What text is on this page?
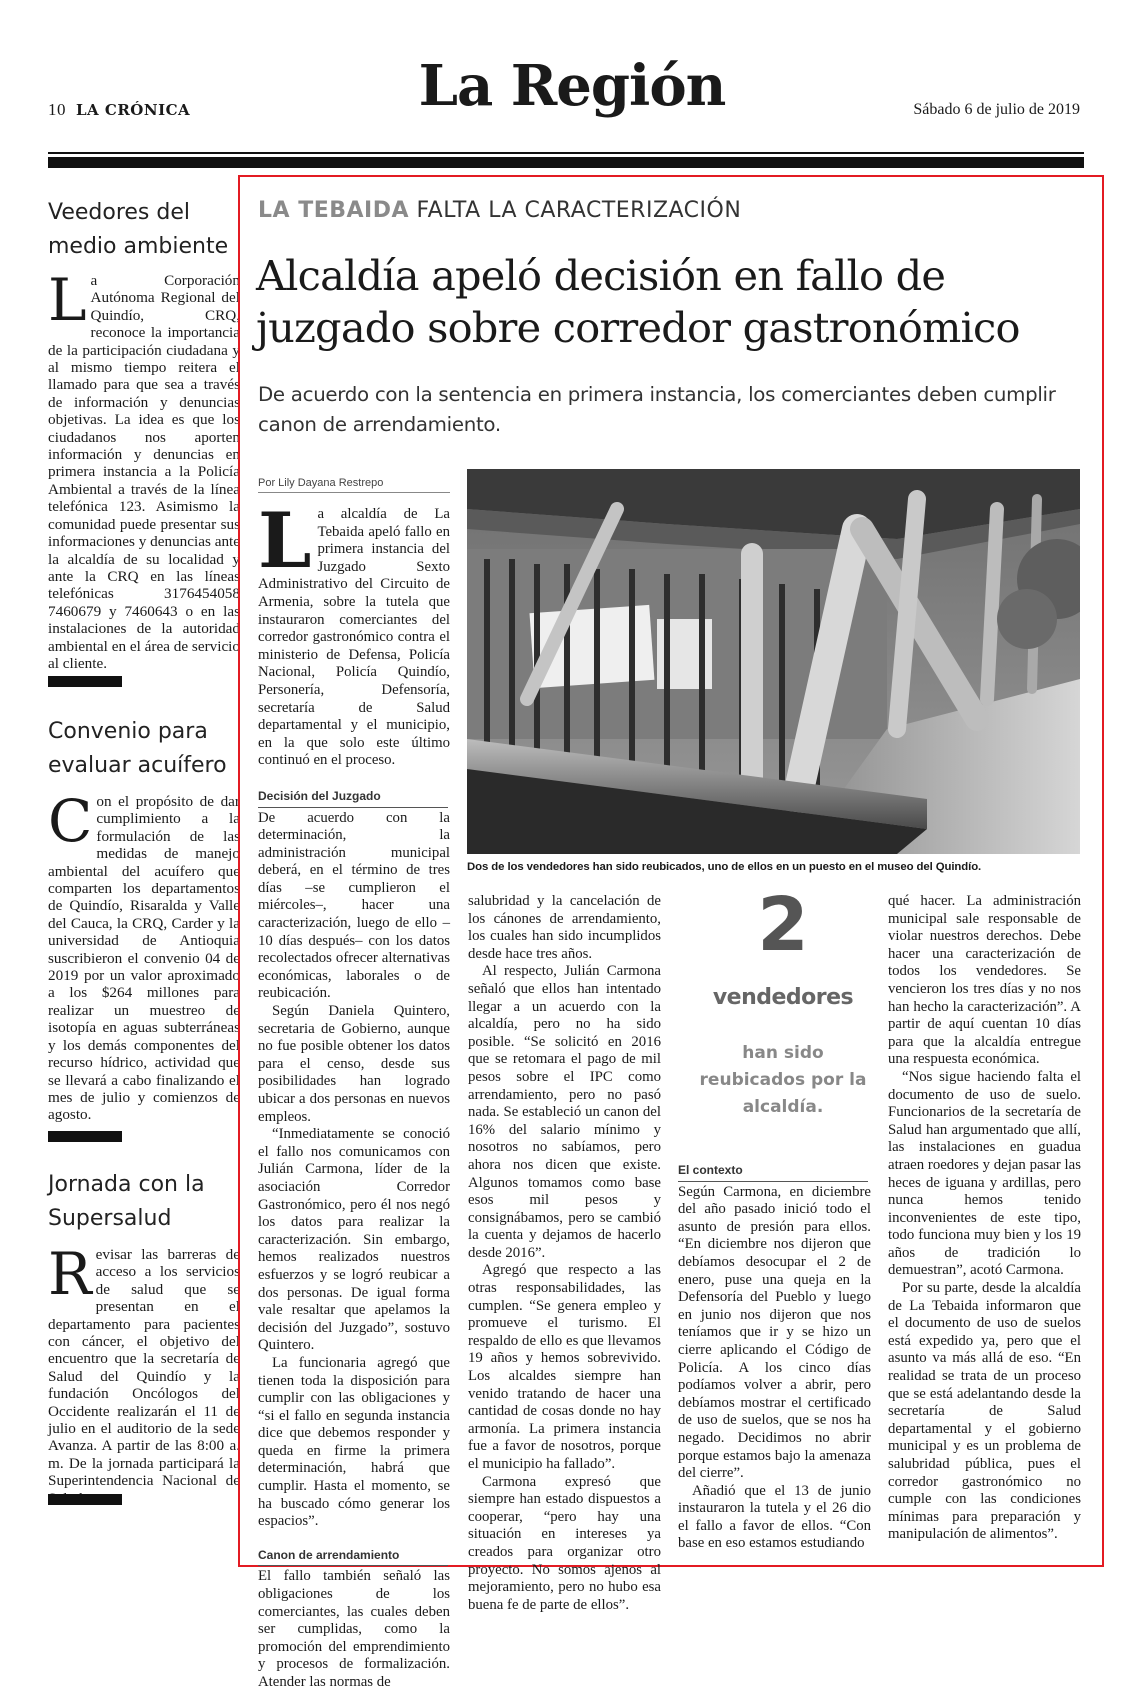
10 LA CRÓNICA	La Región	Sábado 6 de julio de 2019
Veedores del medio ambiente
La Corporación Autónoma Regional del Quindío, CRQ, reconoce la importancia de la participación ciudadana y al mismo tiempo reitera el llamado para que sea a través de información y denuncias objetivas. La idea es que los ciudadanos nos aporten información y denuncias en primera instancia a la Policía Ambiental a través de la línea telefónica 123. Asimismo la comunidad puede presentar sus informaciones y denuncias ante la alcaldía de su localidad y ante la CRQ en las líneas telefónicas 3176454058 7460679 y 7460643 o en las instalaciones de la autoridad ambiental en el área de servicio al cliente.
Convenio para evaluar acuífero
Con el propósito de dar cumplimiento a la formulación de las medidas de manejo ambiental del acuífero que comparten los departamentos de Quindío, Risaralda y Valle del Cauca, la CRQ, Carder y la universidad de Antioquia suscribieron el convenio 04 de 2019 por un valor aproximado a los $264 millones para realizar un muestreo de isotopía en aguas subterráneas y los demás componentes del recurso hídrico, actividad que se llevará a cabo finalizando el mes de julio y comienzos de agosto.
Jornada con la Supersalud
Revisar las barreras de acceso a los servicios de salud que se presentan en el departamento para pacientes con cáncer, el objetivo del encuentro que la secretaría de Salud del Quindío y la fundación Oncólogos del Occidente realizarán el 11 de julio en el auditorio de la sede Avanza. A partir de las 8:00 a. m. De la jornada participará la Superintendencia Nacional de
LA TEBAIDA FALTA LA CARACTERIZACIÓN
Alcaldía apeló decisión en fallo de juzgado sobre corredor gastronómico
De acuerdo con la sentencia en primera instancia, los comerciantes deben cumplir canon de arrendamiento.
Por Lily Dayana Restrepo

La alcaldía de La Tebaida apeló fallo en primera instancia del Juzgado Sexto Administrativo del Circuito de Armenia, sobre la tutela que instauraron comerciantes del corredor gastronómico contra el ministerio de Defensa, Policía Nacional, Policía Quindío, Personería, Defensoría, secretaría de Salud departamental y el municipio, en la que solo este último continuó en el proceso.

Decisión del Juzgado

De acuerdo con la determinación, la administración municipal deberá, en el término de tres días –se cumplieron el miércoles–, hacer una caracterización, luego de ello –10 días después– con los datos recolectados ofrecer alternativas económicas, laborales o de reubicación.

Según Daniela Quintero, secretaria de Gobierno, aunque no fue posible obtener los datos para el censo, desde sus posibilidades han logrado ubicar a dos personas en nuevos empleos.

“Inmediatamente se conoció el fallo nos comunicamos con Julián Carmona, líder de la asociación Corredor Gastronómico, pero él nos negó los datos para realizar la caracterización. Sin embargo, hemos realizados nuestros esfuerzos y se logró reubicar a dos personas. De igual forma vale resaltar que apelamos la decisión del Juzgado”, sostuvo Quintero.

La funcionaria agregó que tienen toda la disposición para cumplir con las obligaciones y “si el fallo en segunda instancia dice que debemos responder y queda en firme la primera determinación, habrá que cumplir. Hasta el momento, se ha buscado cómo generar los espacios”.

Canon de arrendamiento

El fallo también señaló las obligaciones de los comerciantes, las cuales deben ser cumplidas, como la promoción del emprendimiento y procesos de formalización. Atender las normas de

Dos de los vendedores han sido reubicados, uno de ellos en un puesto en el museo del Quindío.

salubridad y la cancelación de los cánones de arrendamiento, los cuales han sido incumplidos desde hace tres años.

Al respecto, Julián Carmona señaló que ellos han intentado llegar a un acuerdo con la alcaldía, pero no ha sido posible. “Se solicitó en 2016 que se retomara el pago de mil pesos sobre el IPC como arrendamiento, pero no pasó nada. Se estableció un canon del 16% del salario mínimo y nosotros no sabíamos, pero ahora nos dicen que existe. Algunos tomamos como base esos mil pesos y consignábamos, pero se cambió la cuenta y dejamos de hacerlo desde 2016”.

Agregó que respecto a las otras responsabilidades, las cumplen. “Se genera empleo y promueve el turismo. El respaldo de ello es que llevamos 19 años y hemos sobrevivido. Los alcaldes siempre han venido tratando de hacer una cantidad de cosas donde no hay armonía. La primera instancia fue a favor de nosotros, porque el municipio ha fallado”.

Carmona expresó que siempre han estado dispuestos a cooperar, “pero hay una situación en intereses ya creados para organizar otro proyecto. No somos ajenos al mejoramiento, pero no hubo esa buena fe de parte de ellos”.

2
vendedores
han sido reubicados por la alcaldía.
El contexto

Según Carmona, en diciembre del año pasado inició todo el asunto de presión para ellos. “En diciembre nos dijeron que debíamos desocupar el 2 de enero, puse una queja en la Defensoría del Pueblo y luego en junio nos dijeron que nos teníamos que ir y se hizo un cierre aplicando el Código de Policía. A los cinco días podíamos volver a abrir, pero debíamos mostrar el certificado de uso de suelos, que se nos ha negado. Decidimos no abrir porque estamos bajo la amenaza del cierre”.

Añadió que el 13 de junio instauraron la tutela y el 26 dio el fallo a favor de ellos. “Con base en eso estamos estudiando

qué hacer. La administración municipal sale responsable de violar nuestros derechos. Debe hacer una caracterización de todos los vendedores. Se vencieron los tres días y no nos han hecho la caracterización”. A partir de aquí cuentan 10 días para que la alcaldía entregue una respuesta económica.

“Nos sigue haciendo falta el documento de uso de suelo. Funcionarios de la secretaría de Salud han argumentado que allí, las instalaciones en guadua atraen roedores y dejan pasar las heces de iguana y ardillas, pero nunca hemos tenido inconvenientes de este tipo, todo funciona muy bien y los 19 años de tradición lo demuestran”, acotó Carmona.

Por su parte, desde la alcaldía de La Tebaida informaron que el documento de uso de suelos está expedido ya, pero que el asunto va más allá de eso. “En realidad se trata de un proceso que se está adelantando desde la secretaría de Salud departamental y el gobierno municipal y es un problema de salubridad pública, pues el corredor gastronómico no cumple con las condiciones mínimas para preparación y manipulación de alimentos”.
